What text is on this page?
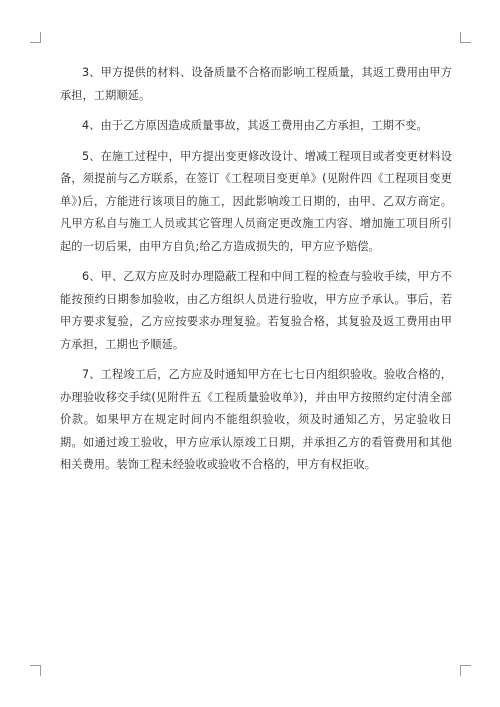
3、甲方提供的材料、设备质量不合格而影响工程质量，其返工费用由甲方承担，工期顺延。

4、由于乙方原因造成质量事故，其返工费用由乙方承担，工期不变。

5、在施工过程中，甲方提出变更修改设计、增减工程项目或者变更材料设备，须提前与乙方联系，在签订《工程项目变更单》(见附件四《工程项目变更单》)后，方能进行该项目的施工，因此影响竣工日期的，由甲、乙双方商定。凡甲方私自与施工人员或其它管理人员商定更改施工内容、增加施工项目所引起的一切后果，由甲方自负;给乙方造成损失的，甲方应予赔偿。

6、甲、乙双方应及时办理隐蔽工程和中间工程的检查与验收手续，甲方不能按预约日期参加验收，由乙方组织人员进行验收，甲方应予承认。事后，若甲方要求复验，乙方应按要求办理复验。若复验合格，其复验及返工费用由甲方承担，工期也予顺延。

7、工程竣工后，乙方应及时通知甲方在七七日内组织验收。验收合格的，办理验收移交手续(见附件五《工程质量验收单》)，并由甲方按照约定付清全部价款。如果甲方在规定时间内不能组织验收，须及时通知乙方，另定验收日期。如通过竣工验收，甲方应承认原竣工日期，并承担乙方的看管费用和其他相关费用。装饰工程未经验收或验收不合格的，甲方有权拒收。
